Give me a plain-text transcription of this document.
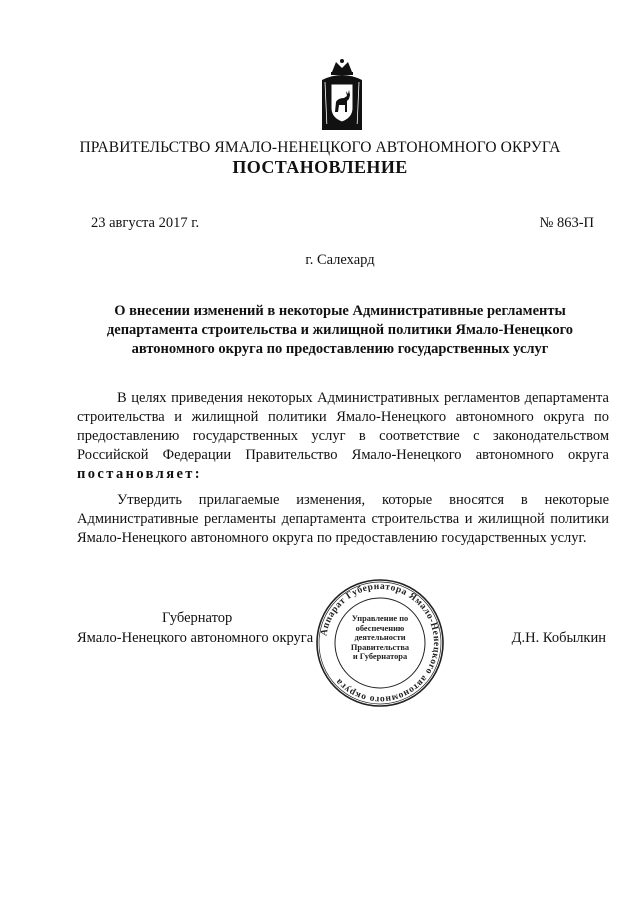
ПРАВИТЕЛЬСТВО ЯМАЛО-НЕНЕЦКОГО АВТОНОМНОГО ОКРУГА
ПОСТАНОВЛЕНИЕ
23 августа 2017 г.	№ 863-П
г. Салехард
О внесении изменений в некоторые Административные регламенты департамента строительства и жилищной политики Ямало-Ненецкого автономного округа по предоставлению государственных услуг

В целях приведения некоторых Административных регламентов департамента строительства и жилищной политики Ямало-Ненецкого автономного округа по предоставлению государственных услуг в соответствие с законодательством Российской Федерации Правительство Ямало-Ненецкого автономного округа постановляет:

Утвердить прилагаемые изменения, которые вносятся в некоторые Административные регламенты департамента строительства и жилищной политики Ямало-Ненецкого автономного округа по предоставлению государственных услуг.

Аппарат Губернатора Ямало-Ненецкого автономного округа
Управление по
обеспечению
деятельности
Правительства
и Губернатора
Губернатор
Ямало-Ненецкого автономного округа	Д.Н. Кобылкин
